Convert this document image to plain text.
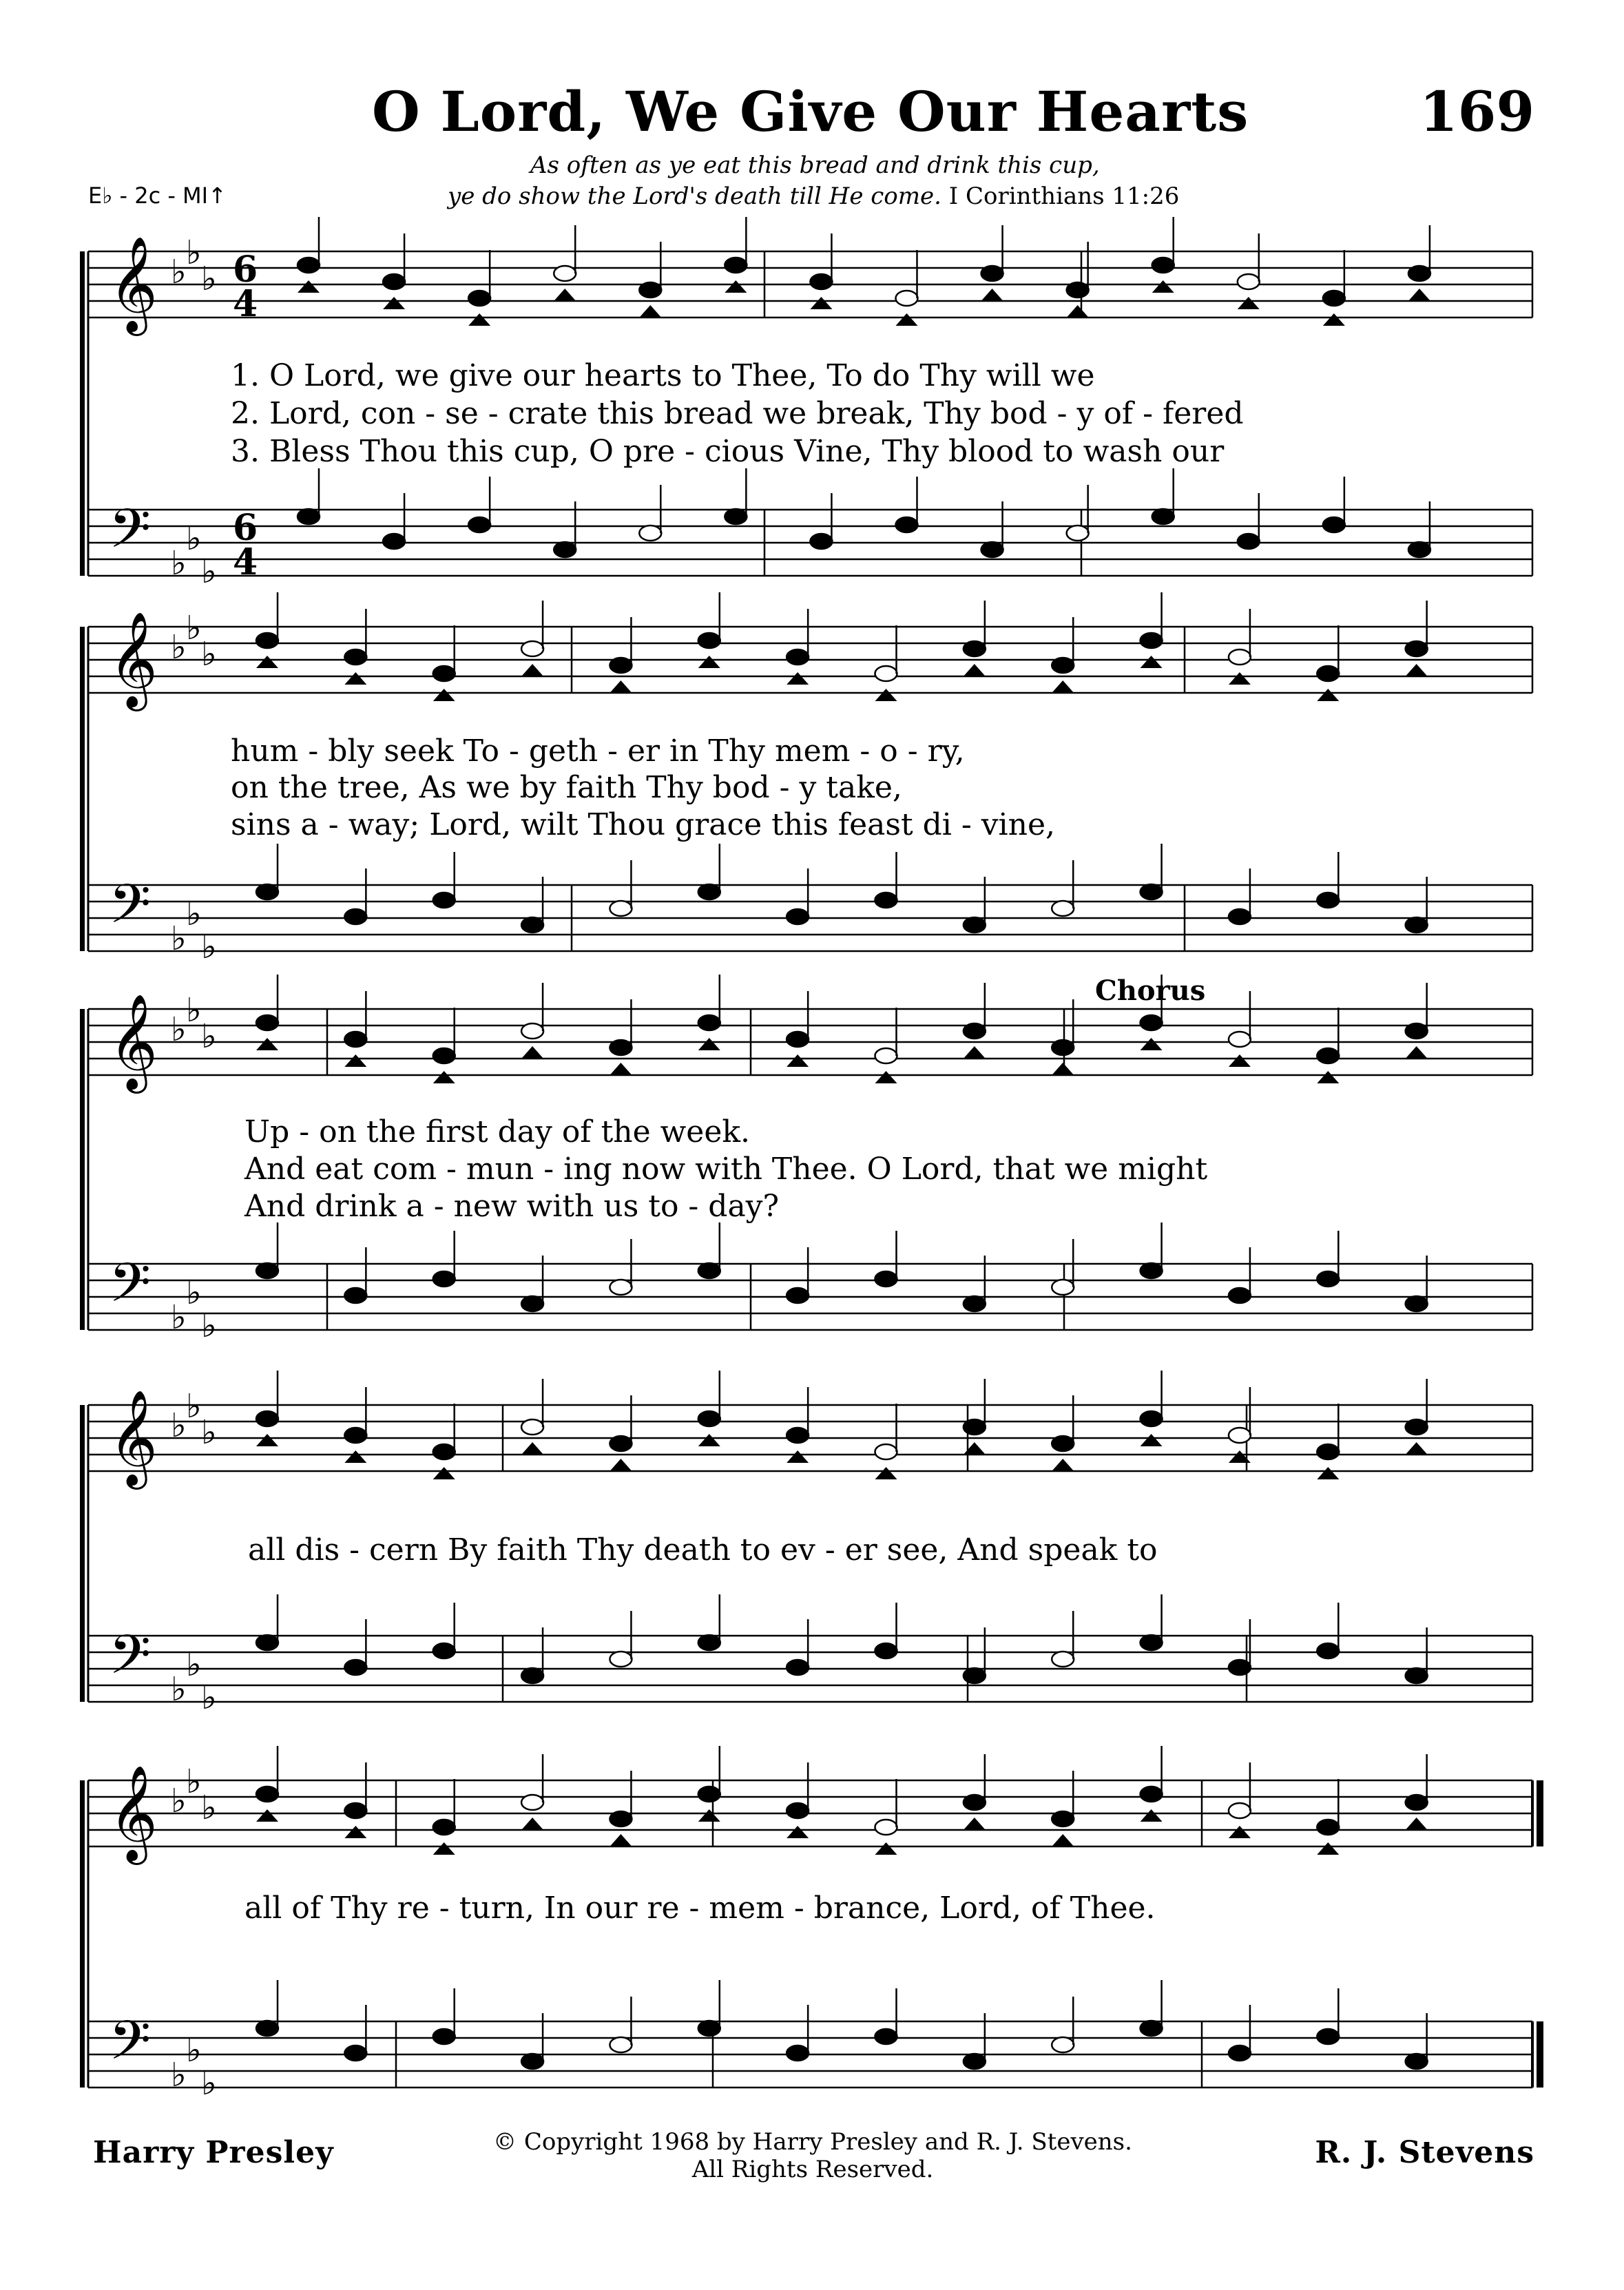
O Lord, We Give Our Hearts	169
As often as ye eat this bread and drink this cup,
ye do show the Lord's death till He come. I Corinthians 11:26
E♭ - 2c - MI↑
𝄞 ♭ ♭
♭ 6
4
𝄢 ♭
♭
♭
6
4
𝄞 ♭ ♭
♭
𝄢 ♭
♭
♭
𝄞 ♭ ♭
♭
𝄢 ♭
♭
♭
𝄞 ♭ ♭
♭
𝄢 ♭
♭
♭
𝄞 ♭ ♭
♭
𝄢 ♭
♭
♭
Chorus
1. O Lord, we give our hearts to Thee, To do Thy will we
2. Lord, con - se - crate this bread we break, Thy bod - y of - fered
3. Bless Thou this cup, O pre - cious Vine, Thy blood to wash our
hum - bly seek To - geth - er in Thy mem - o - ry,
on the tree, As we by faith Thy bod - y take,
sins a - way; Lord, wilt Thou grace this feast di - vine,
Up - on the first day of the week.
And eat com - mun - ing now with Thee. O Lord, that we might
And drink a - new with us to - day?
all dis - cern By faith Thy death to ev - er see, And speak to
all of Thy re - turn, In our re - mem - brance, Lord, of Thee.
Harry Presley	R. J. Stevens
© Copyright 1968 by Harry Presley and R. J. Stevens.
All Rights Reserved.
